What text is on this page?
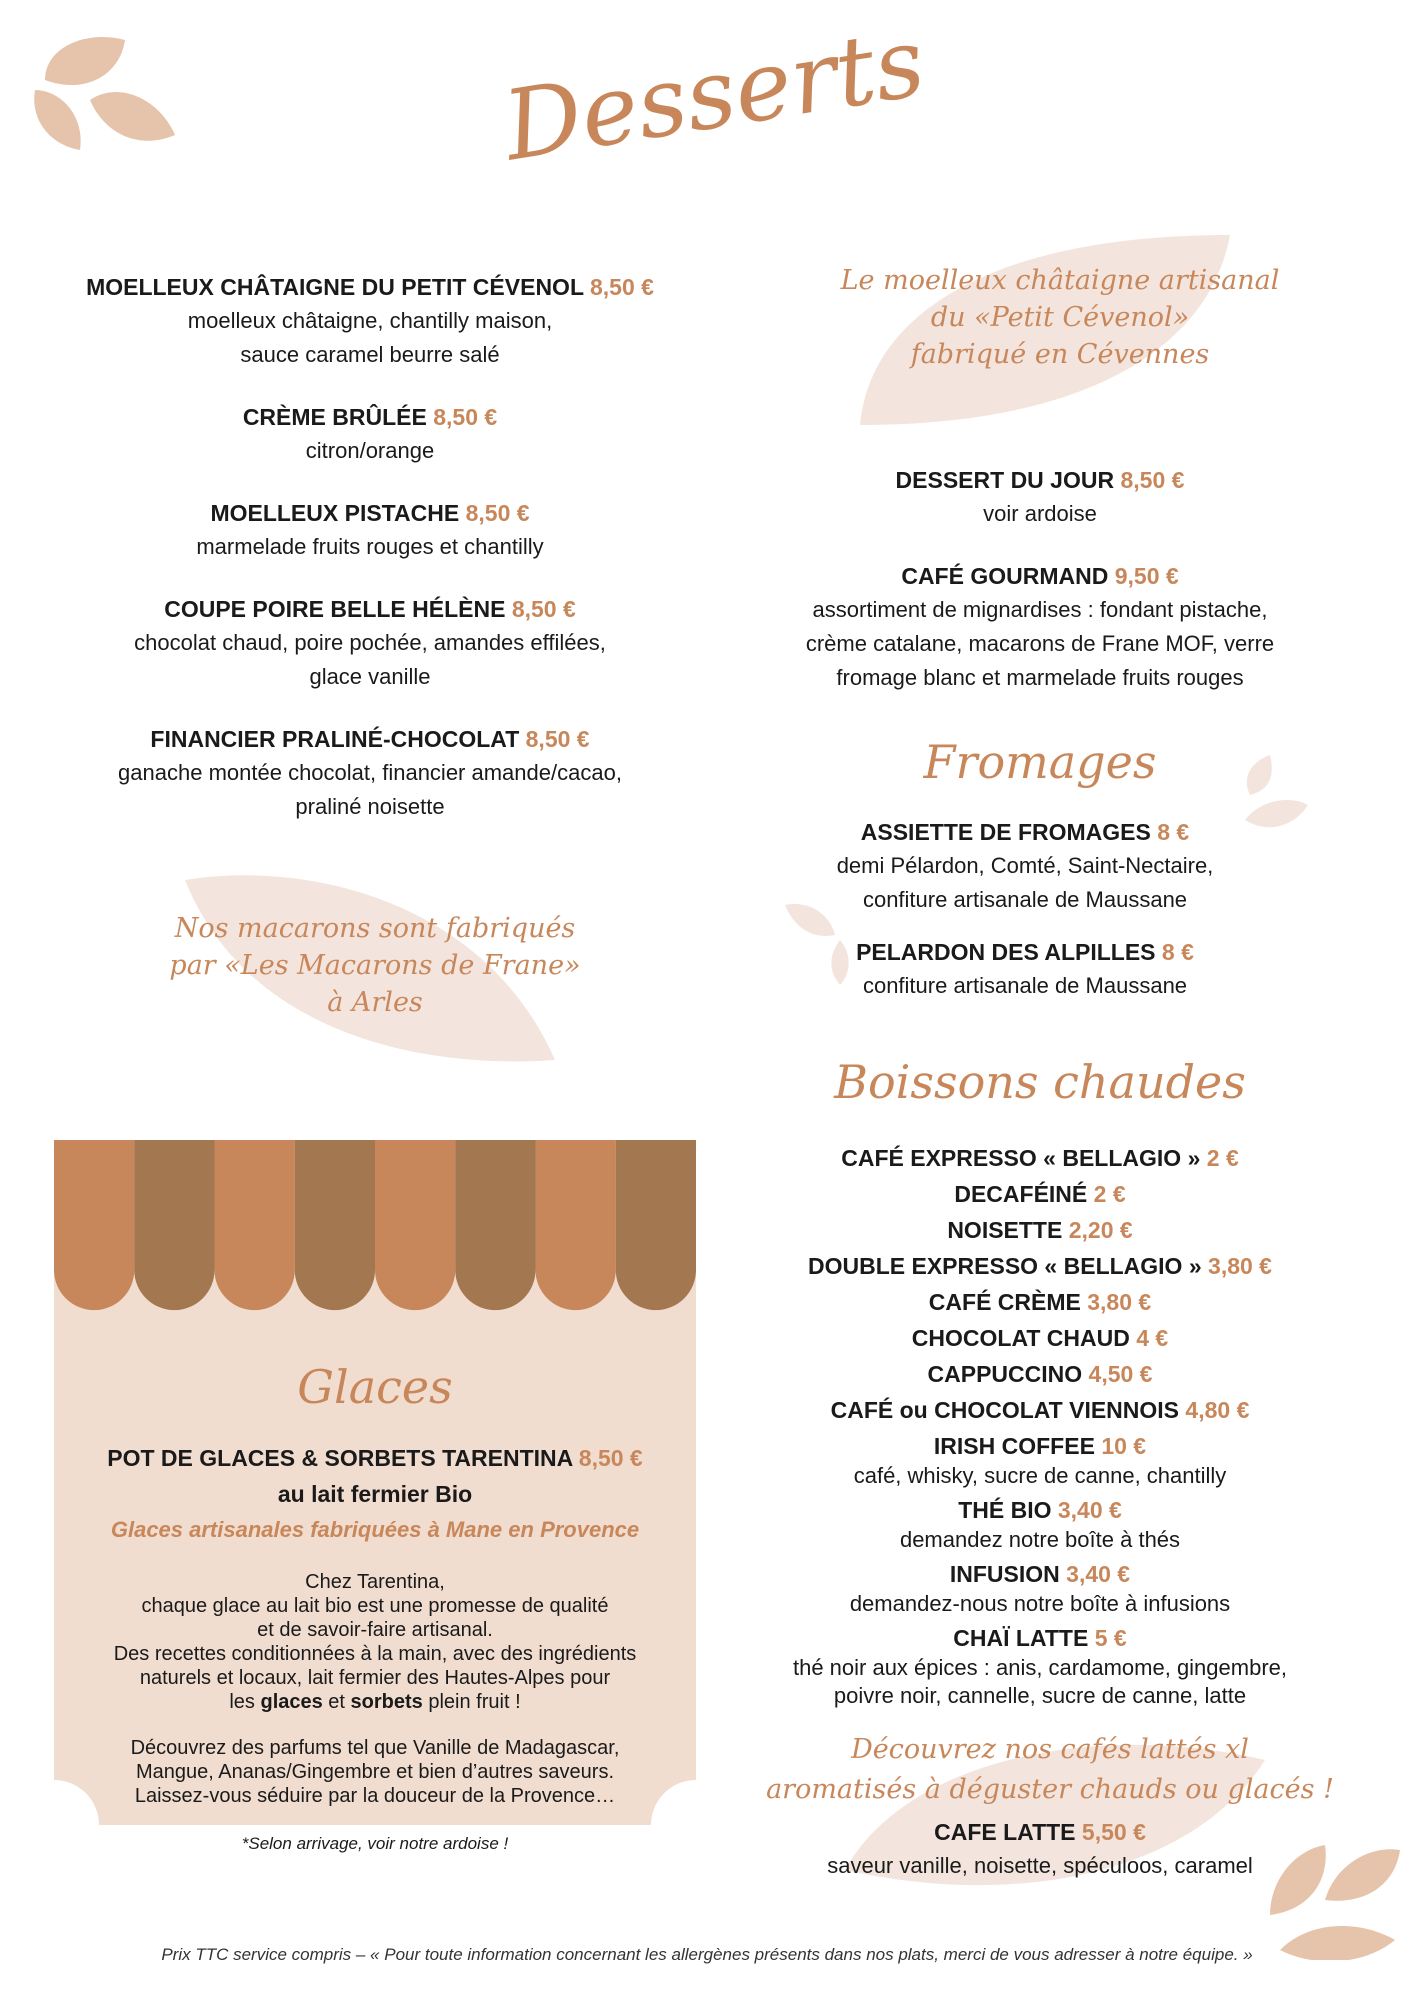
Desserts
MOELLEUX CHÂTAIGNE DU PETIT CÉVENOL 8,50 €
moelleux châtaigne, chantilly maison,
sauce caramel beurre salé
CRÈME BRÛLÉE 8,50 €
citron/orange
MOELLEUX PISTACHE 8,50 €
marmelade fruits rouges et chantilly
COUPE POIRE BELLE HÉLÈNE 8,50 €
chocolat chaud, poire pochée, amandes effilées,
glace vanille
FINANCIER PRALINÉ-CHOCOLAT 8,50 €
ganache montée chocolat, financier amande/cacao,
praliné noisette
Nos macarons sont fabriqués
par «Les Macarons de Frane»
à Arles
Le moelleux châtaigne artisanal
du «Petit Cévenol»
fabriqué en Cévennes
DESSERT DU JOUR 8,50 €
voir ardoise
CAFÉ GOURMAND 9,50 €
assortiment de mignardises : fondant pistache,
crème catalane, macarons de Frane MOF, verre
fromage blanc et marmelade fruits rouges
Fromages
ASSIETTE DE FROMAGES 8 €
demi Pélardon, Comté, Saint-Nectaire,
confiture artisanale de Maussane
PELARDON DES ALPILLES 8 €
confiture artisanale de Maussane
Boissons chaudes
CAFÉ EXPRESSO « BELLAGIO » 2 €
DECAFÉINÉ 2 €
NOISETTE 2,20 €
DOUBLE EXPRESSO « BELLAGIO » 3,80 €
CAFÉ CRÈME 3,80 €
CHOCOLAT CHAUD 4 €
CAPPUCCINO 4,50 €
CAFÉ ou CHOCOLAT VIENNOIS 4,80 €
IRISH COFFEE 10 €
café, whisky, sucre de canne, chantilly
THÉ BIO 3,40 €
demandez notre boîte à thés
INFUSION 3,40 €
demandez-nous notre boîte à infusions
CHAÏ LATTE 5 €
thé noir aux épices : anis, cardamome, gingembre,
poivre noir, cannelle, sucre de canne, latte
Découvrez nos cafés lattés xl
aromatisés à déguster chauds ou glacés !
CAFE LATTE 5,50 €
saveur vanille, noisette, spéculoos, caramel
Glaces
POT DE GLACES & SORBETS TARENTINA 8,50 €
au lait fermier Bio
Glaces artisanales fabriquées à Mane en Provence
Chez Tarentina,
chaque glace au lait bio est une promesse de qualité
et de savoir-faire artisanal.
Des recettes conditionnées à la main, avec des ingrédients
naturels et locaux, lait fermier des Hautes-Alpes pour
les glaces et sorbets plein fruit !
Découvrez des parfums tel que Vanille de Madagascar,
Mangue, Ananas/Gingembre et bien d’autres saveurs.
Laissez-vous séduire par la douceur de la Provence…
*Selon arrivage, voir notre ardoise !
Prix TTC service compris – « Pour toute information concernant les allergènes présents dans nos plats, merci de vous adresser à notre équipe. »
